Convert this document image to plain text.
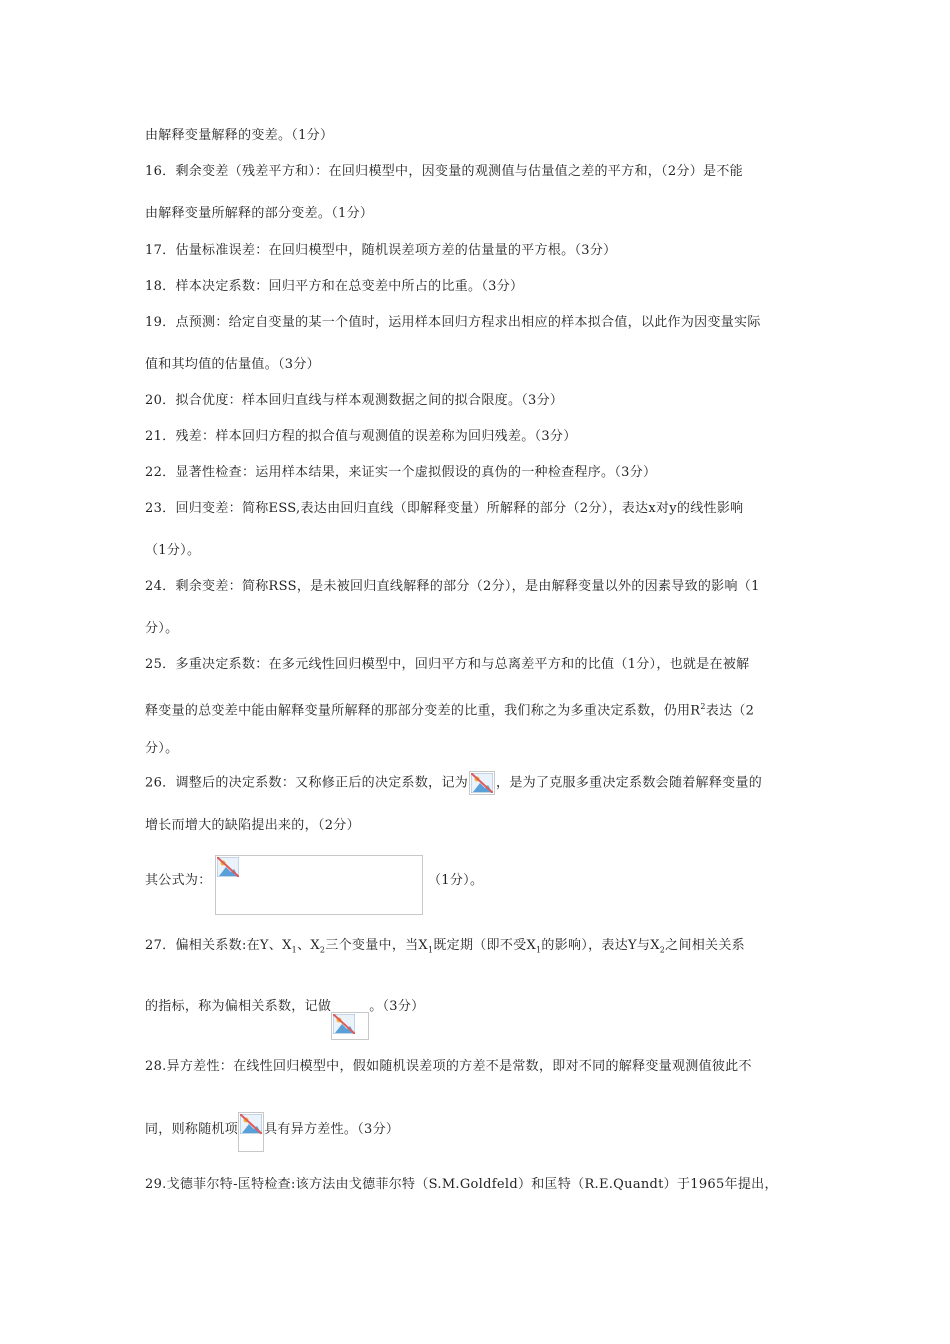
由解释变量解释的变差。（1分）
16．剩余变差（残差平方和）：在回归模型中，因变量的观测值与估量值之差的平方和，（2分）是不能
由解释变量所解释的部分变差。（1分）
17．估量标准误差：在回归模型中，随机误差项方差的估量量的平方根。（3分）
18．样本决定系数：回归平方和在总变差中所占的比重。（3分）
19．点预测：给定自变量的某一个值时，运用样本回归方程求出相应的样本拟合值，以此作为因变量实际
值和其均值的估量值。（3分）
20．拟合优度：样本回归直线与样本观测数据之间的拟合限度。（3分）
21．残差：样本回归方程的拟合值与观测值的误差称为回归残差。（3分）
22．显著性检查：运用样本结果，来证实一个虚拟假设的真伪的一种检查程序。（3分）
23．回归变差：简称ESS,表达由回归直线（即解释变量）所解释的部分（2分），表达x对y的线性影响
（1分）。
24．剩余变差：简称RSS，是未被回归直线解释的部分（2分），是由解释变量以外的因素导致的影响（1
分）。
25．多重决定系数：在多元线性回归模型中，回归平方和与总离差平方和的比值（1分），也就是在被解
释变量的总变差中能由解释变量所解释的那部分变差的比重，我们称之为多重决定系数，仍用$R^2$表达（2
分）。
26．调整后的决定系数：又称修正后的决定系数，记为 ，是为了克服多重决定系数会随着解释变量的
增长而增大的缺陷提出来的，（2分）
其公式为：	（1分）。
27．偏相关系数:在Y、$X_1$、$X_2$三个变量中，当$X_1$既定期（即不受$X_1$的影响），表达Y与$X_2$之间相关关系
的指标，称为偏相关系数，记做	。（3分）
28.异方差性：在线性回归模型中，假如随机误差项的方差不是常数，即对不同的解释变量观测值彼此不
同，则称随机项 具有异方差性。（3分）
29.戈德菲尔特-匡特检查:该方法由戈德菲尔特（S.M.Goldfeld）和匡特（R.E.Quandt）于1965年提出，
